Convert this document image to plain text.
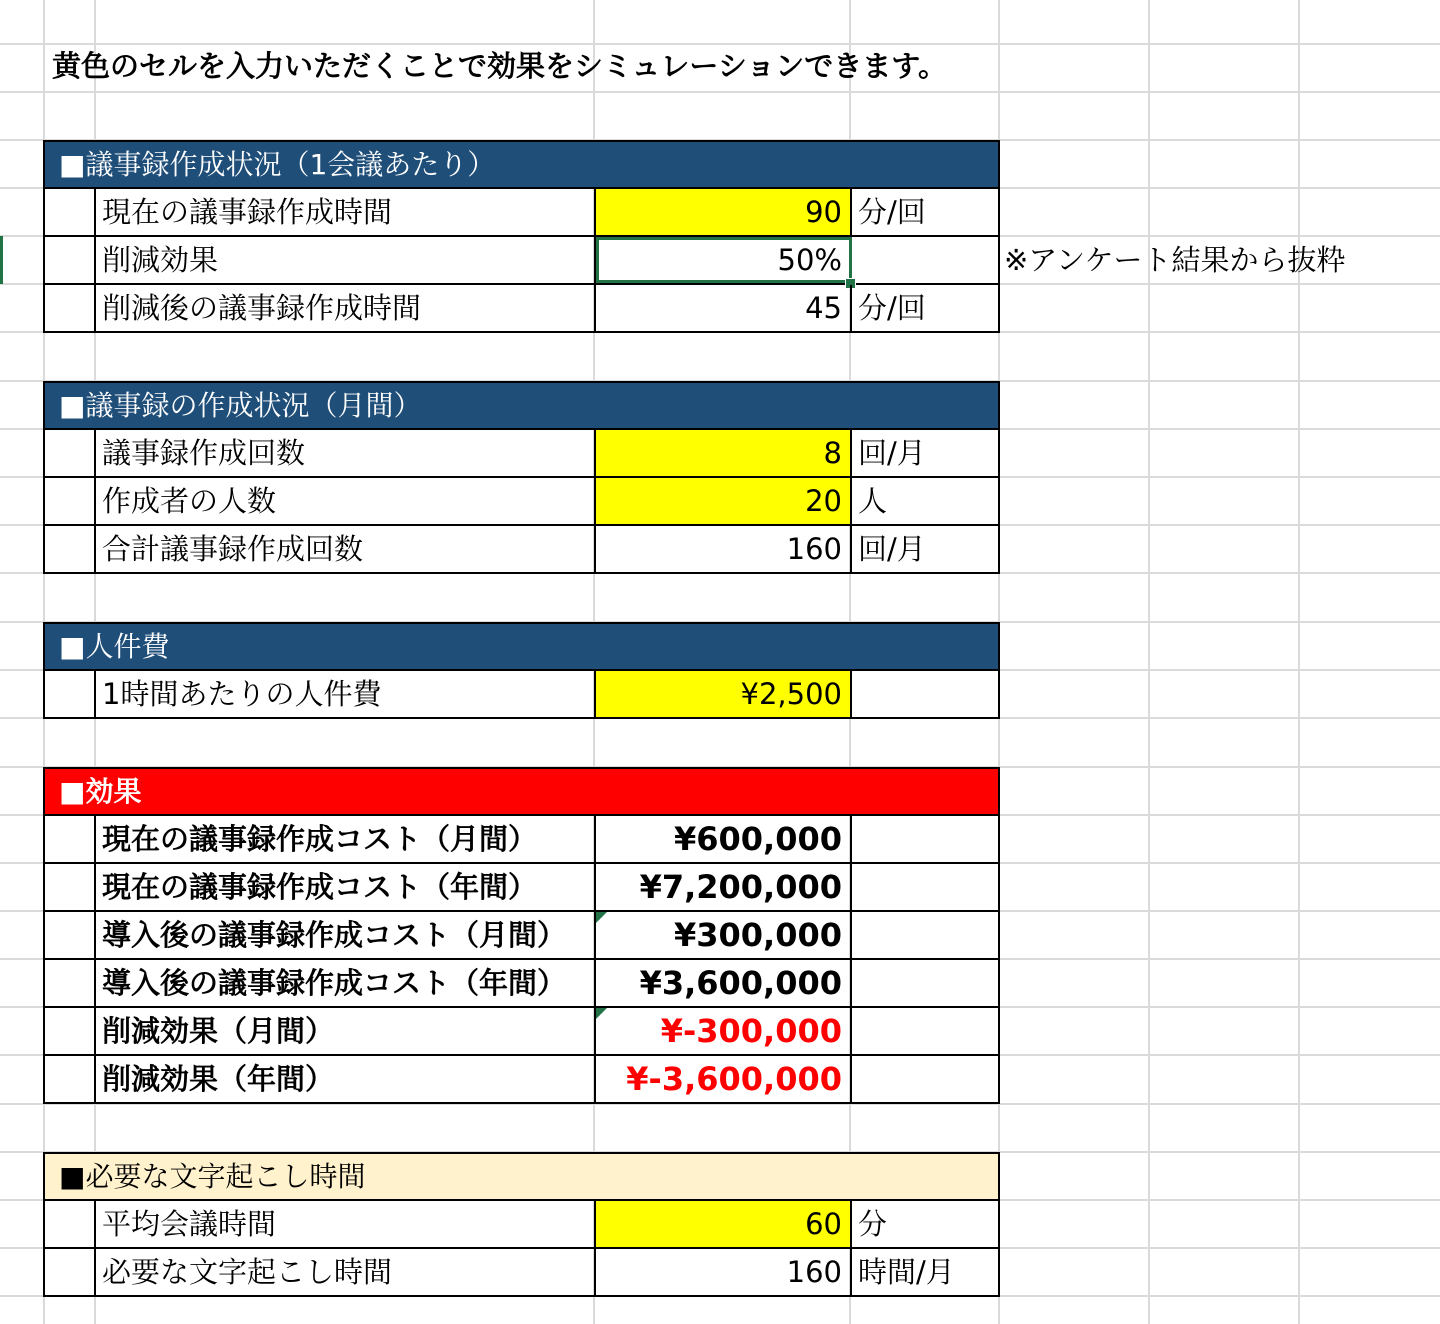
黄色のセルを入力いただくことで効果をシミュレーションできます。
※アンケート結果から抜粋
■議事録作成状況（1会議あたり）
現在の議事録作成時間	90 分/回
削減効果	50%
削減後の議事録作成時間	45 分/回
■議事録の作成状況（月間）
議事録作成回数	8 回/月
作成者の人数	20 人
合計議事録作成回数	160 回/月
■人件費
1時間あたりの人件費	¥2,500
■効果
現在の議事録作成コスト（月間）	¥600,000
現在の議事録作成コスト（年間）	¥7,200,000
導入後の議事録作成コスト（月間）	¥300,000
導入後の議事録作成コスト（年間）	¥3,600,000
削減効果（月間）	¥-300,000
削減効果（年間）	¥-3,600,000
■必要な文字起こし時間
平均会議時間	60 分
必要な文字起こし時間	160 時間/月
